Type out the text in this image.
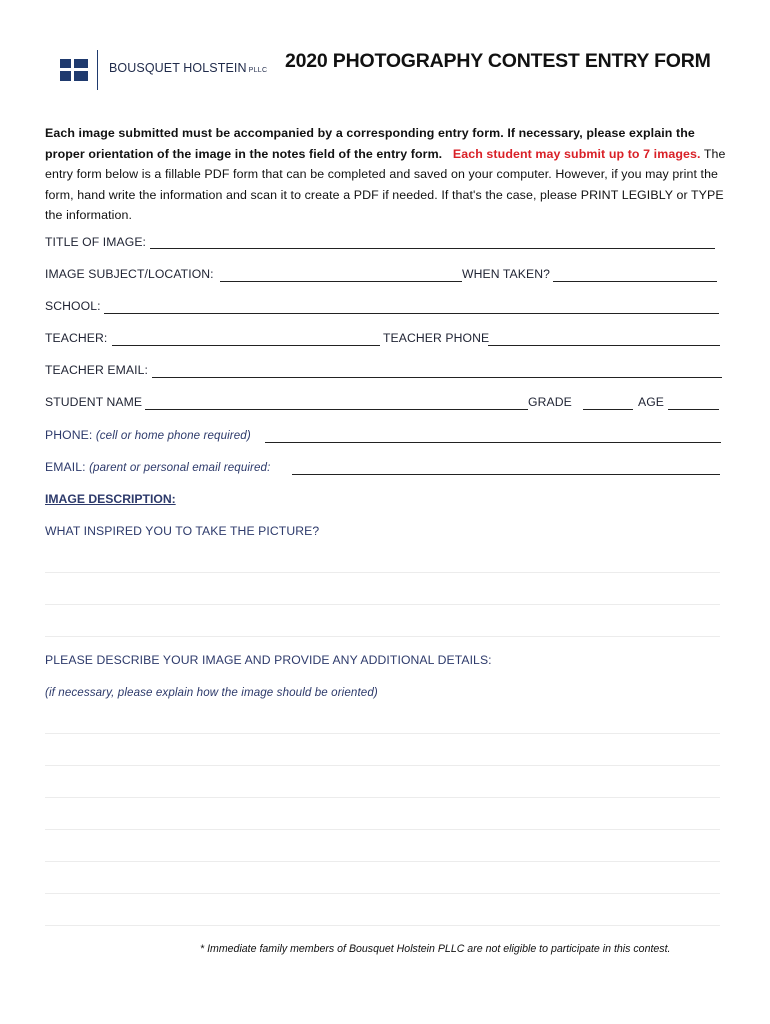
BOUSQUET HOLSTEIN PLLC 2020 PHOTOGRAPHY CONTEST ENTRY FORM
Each image submitted must be accompanied by a corresponding entry form. If necessary, please explain the proper orientation of the image in the notes field of the entry form. Each student may submit up to 7 images. The entry form below is a fillable PDF form that can be completed and saved on your computer. However, if you may print the form, hand write the information and scan it to create a PDF if needed. If that's the case, please PRINT LEGIBLY or TYPE the information.
TITLE OF IMAGE:
IMAGE SUBJECT/LOCATION:	WHEN TAKEN?
SCHOOL:
TEACHER:	TEACHER PHONE
TEACHER EMAIL:
STUDENT NAME	GRADE	AGE
PHONE: (cell or home phone required)
EMAIL: (parent or personal email required:
IMAGE DESCRIPTION:
WHAT INSPIRED YOU TO TAKE THE PICTURE?
PLEASE DESCRIBE YOUR IMAGE AND PROVIDE ANY ADDITIONAL DETAILS:
(if necessary, please explain how the image should be oriented)
* Immediate family members of Bousquet Holstein PLLC are not eligible to participate in this contest.
